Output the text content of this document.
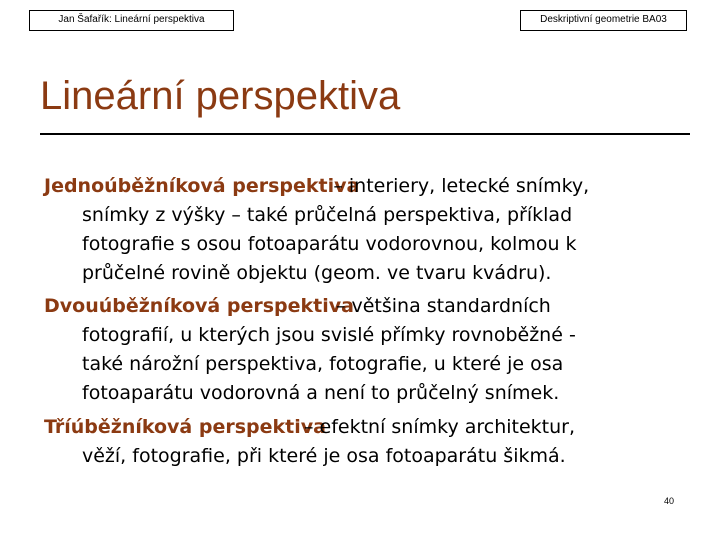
Jan Šafařík: Lineární perspektiva	Deskriptivní geometrie BA03
Lineární perspektiva
Jednoúběžníková perspektiva– interiery, letecké snímky,
snímky z výšky – také průčelná perspektiva, příklad
fotografie s osou fotoaparátu vodorovnou, kolmou k
průčelné rovině objektu (geom. ve tvaru kvádru).
Dvouúběžníková perspektiva– většina standardních
fotografií, u kterých jsou svislé přímky rovnoběžné -
také nárožní perspektiva, fotografie, u které je osa
fotoaparátu vodorovná a není to průčelný snímek.
Tříúběžníková perspektiva– efektní snímky architektur,
věží, fotografie, při které je osa fotoaparátu šikmá.
40
